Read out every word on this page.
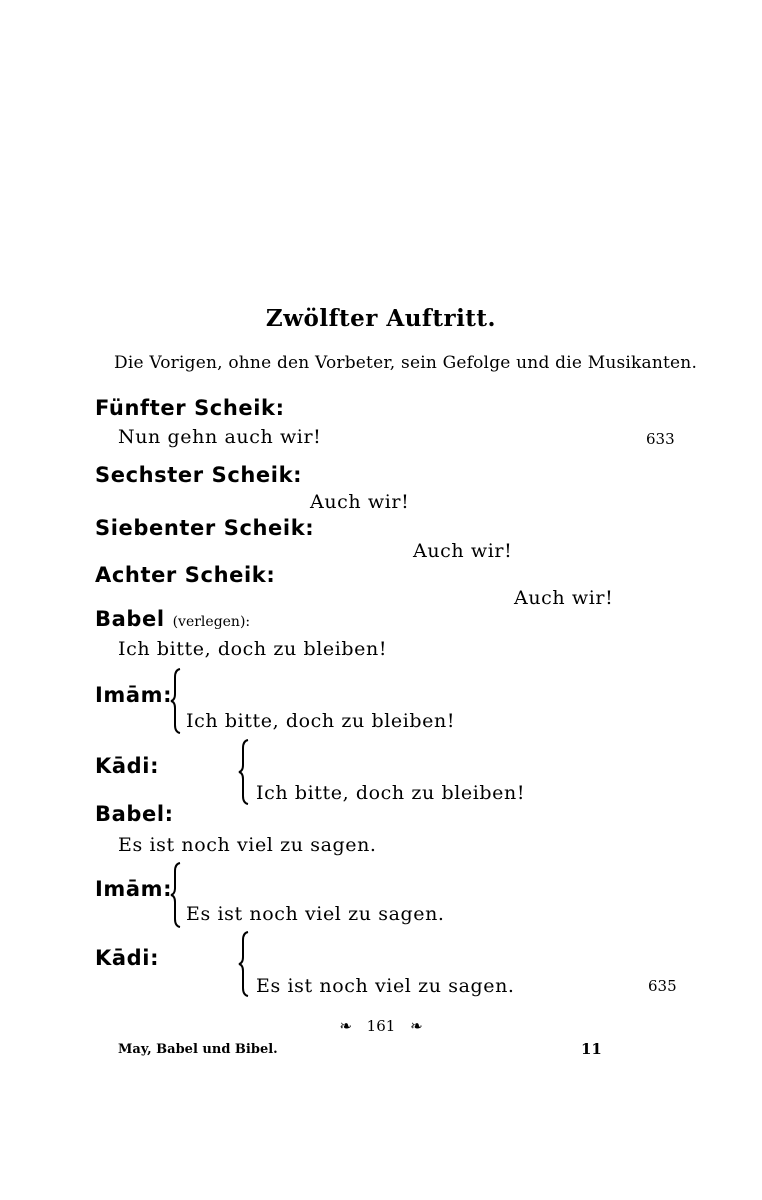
Zwölfter Auftritt.
Die Vorigen, ohne den Vorbeter, sein Gefolge und die Musikanten.
Fünfter Scheik:
Nun gehn auch wir!	633
Sechster Scheik:
Auch wir!
Siebenter Scheik:
Auch wir!
Achter Scheik:
Auch wir!
Babel (verlegen):
Ich bitte, doch zu bleiben!
Imām:
Ich bitte, doch zu bleiben!
Kādi:
Ich bitte, doch zu bleiben!
Babel:
Es ist noch viel zu sagen.
Imām:
Es ist noch viel zu sagen.
Kādi:
Es ist noch viel zu sagen.	635
❧ 161 ❧
May, Babel und Bibel.	11
